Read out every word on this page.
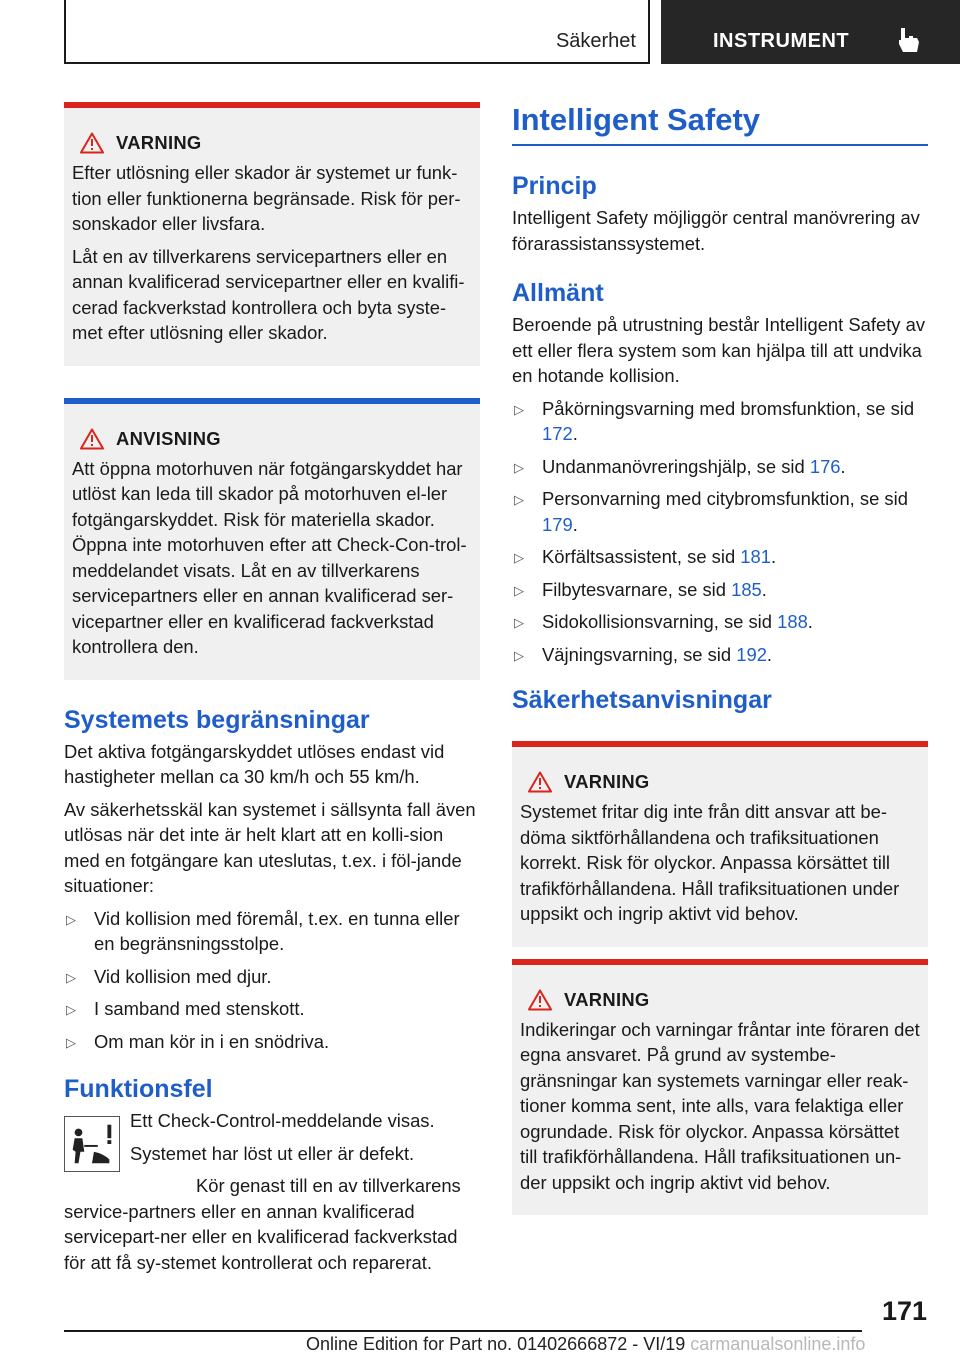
Säkerhet	INSTRUMENT
VARNING

Efter utlösning eller skador är systemet ur funk-tion eller funktionerna begränsade. Risk för per-sonskador eller livsfara.

Låt en av tillverkarens servicepartners eller en annan kvalificerad servicepartner eller en kvalifi-cerad fackverkstad kontrollera och byta syste-met efter utlösning eller skador.

ANVISNING

Att öppna motorhuven när fotgängarskyddet har utlöst kan leda till skador på motorhuven el-ler fotgängarskyddet. Risk för materiella skador. Öppna inte motorhuven efter att Check-Con-trol-meddelandet visats. Låt en av tillverkarens servicepartners eller en annan kvalificerad ser-vicepartner eller en kvalificerad fackverkstad kontrollera den.

Systemets begränsningar

Det aktiva fotgängarskyddet utlöses endast vid hastigheter mellan ca 30 km/h och 55 km/h.

Av säkerhetsskäl kan systemet i sällsynta fall även utlösas när det inte är helt klart att en kolli-sion med en fotgängare kan uteslutas, t.ex. i föl-jande situationer:

▷ Vid kollision med föremål, t.ex. en tunna eller en begränsningsstolpe.
▷ Vid kollision med djur.
▷ I samband med stenskott.
▷ Om man kör in i en snödriva.
Funktionsfel

Ett Check-Control-meddelande visas.

Systemet har löst ut eller är defekt.

Kör genast till en av tillverkarens service-partners eller en annan kvalificerad servicepart-ner eller en kvalificerad fackverkstad för att få sy-stemet kontrollerat och reparerat.

Intelligent Safety
Princip

Intelligent Safety möjliggör central manövrering av förarassistanssystemet.

Allmänt

Beroende på utrustning består Intelligent Safety av ett eller flera system som kan hjälpa till att undvika en hotande kollision.

▷ Påkörningsvarning med bromsfunktion, se sid 172.
▷ Undanmanövreringshjälp, se sid 176.
▷ Personvarning med citybromsfunktion, se sid 179.
▷ Körfältsassistent, se sid 181.
▷ Filbytesvarnare, se sid 185.
▷ Sidokollisionsvarning, se sid 188.
▷ Väjningsvarning, se sid 192.
Säkerhetsanvisningar
VARNING

Systemet fritar dig inte från ditt ansvar att be-döma siktförhållandena och trafiksituationen korrekt. Risk för olyckor. Anpassa körsättet till trafikförhållandena. Håll trafiksituationen under uppsikt och ingrip aktivt vid behov.

VARNING

Indikeringar och varningar fråntar inte föraren det egna ansvaret. På grund av systembe-gränsningar kan systemets varningar eller reak-tioner komma sent, inte alls, vara felaktiga eller ogrundade. Risk för olyckor. Anpassa körsättet till trafikförhållandena. Håll trafiksituationen un-der uppsikt och ingrip aktivt vid behov.

171
Online Edition for Part no. 01402666872 - VI/19 carmanualsonline.info
